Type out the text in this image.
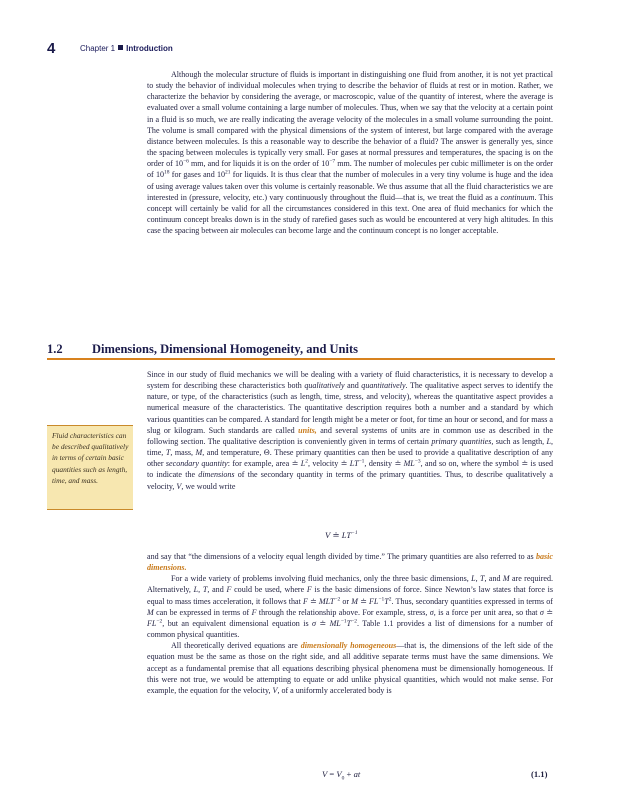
4	Chapter 1 Introduction

Although the molecular structure of fluids is important in distinguishing one fluid from another, it is not yet practical to study the behavior of individual molecules when trying to describe the behavior of fluids at rest or in motion. Rather, we characterize the behavior by considering the average, or macroscopic, value of the quantity of interest, where the average is evaluated over a small volume containing a large number of molecules. Thus, when we say that the velocity at a certain point in a fluid is so much, we are really indicating the average velocity of the molecules in a small volume surrounding the point. The volume is small compared with the physical dimensions of the system of interest, but large compared with the average distance between molecules. Is this a reasonable way to describe the behavior of a fluid? The answer is generally yes, since the spacing between molecules is typically very small. For gases at normal pressures and temperatures, the spacing is on the order of $10^{-6}$ mm, and for liquids it is on the order of $10^{-7}$ mm. The number of molecules per cubic millimeter is on the order of $10^{18}$ for gases and $10^{21}$ for liquids. It is thus clear that the number of molecules in a very tiny volume is huge and the idea of using average values taken over this volume is certainly reasonable. We thus assume that all the fluid characteristics we are interested in (pressure, velocity, etc.) vary continuously throughout the fluid—that is, we treat the fluid as a continuum. This concept will certainly be valid for all the circumstances considered in this text. One area of fluid mechanics for which the continuum concept breaks down is in the study of rarefied gases such as would be encountered at very high altitudes. In this case the spacing between air molecules can become large and the continuum concept is no longer acceptable.

1.2 Dimensions, Dimensional Homogeneity, and Units
Fluid characteristics can be described qualitatively in terms of certain basic quantities such as length, time, and mass.

Since in our study of fluid mechanics we will be dealing with a variety of fluid characteristics, it is necessary to develop a system for describing these characteristics both qualitatively and quantitatively. The qualitative aspect serves to identify the nature, or type, of the characteristics (such as length, time, stress, and velocity), whereas the quantitative aspect provides a numerical measure of the characteristics. The quantitative description requires both a number and a standard by which various quantities can be compared. A standard for length might be a meter or foot, for time an hour or second, and for mass a slug or kilogram. Such standards are called units, and several systems of units are in common use as described in the following section. The qualitative description is conveniently given in terms of certain primary quantities, such as length, L, time, T, mass, M, and temperature, Θ. These primary quantities can then be used to provide a qualitative description of any other secondary quantity: for example, area ≐ $L^2$, velocity ≐ $LT^{-1}$, density ≐ $ML^{-3}$, and so on, where the symbol ≐ is used to indicate the dimensions of the secondary quantity in terms of the primary quantities. Thus, to describe qualitatively a velocity, V, we would write

V ≐ $LT^{-1}$

and say that “the dimensions of a velocity equal length divided by time.” The primary quantities are also referred to as basic dimensions.
For a wide variety of problems involving fluid mechanics, only the three basic dimensions, L, T, and M are required. Alternatively, L, T, and F could be used, where F is the basic dimensions of force. Since Newton’s law states that force is equal to mass times acceleration, it follows that F ≐ $MLT^{-2}$ or M ≐ $FL^{-1}T^2$. Thus, secondary quantities expressed in terms of M can be expressed in terms of F through the relationship above. For example, stress, σ, is a force per unit area, so that σ ≐ $FL^{-2}$, but an equivalent dimensional equation is σ ≐ $ML^{-1}T^{-2}$. Table 1.1 provides a list of dimensions for a number of common physical quantities.
All theoretically derived equations are dimensionally homogeneous—that is, the dimensions of the left side of the equation must be the same as those on the right side, and all additive separate terms must have the same dimensions. We accept as a fundamental premise that all equations describing physical phenomena must be dimensionally homogeneous. If this were not true, we would be attempting to equate or add unlike physical quantities, which would not make sense. For example, the equation for the velocity, V, of a uniformly accelerated body is

$V = V_0$ + at	(1.1)
